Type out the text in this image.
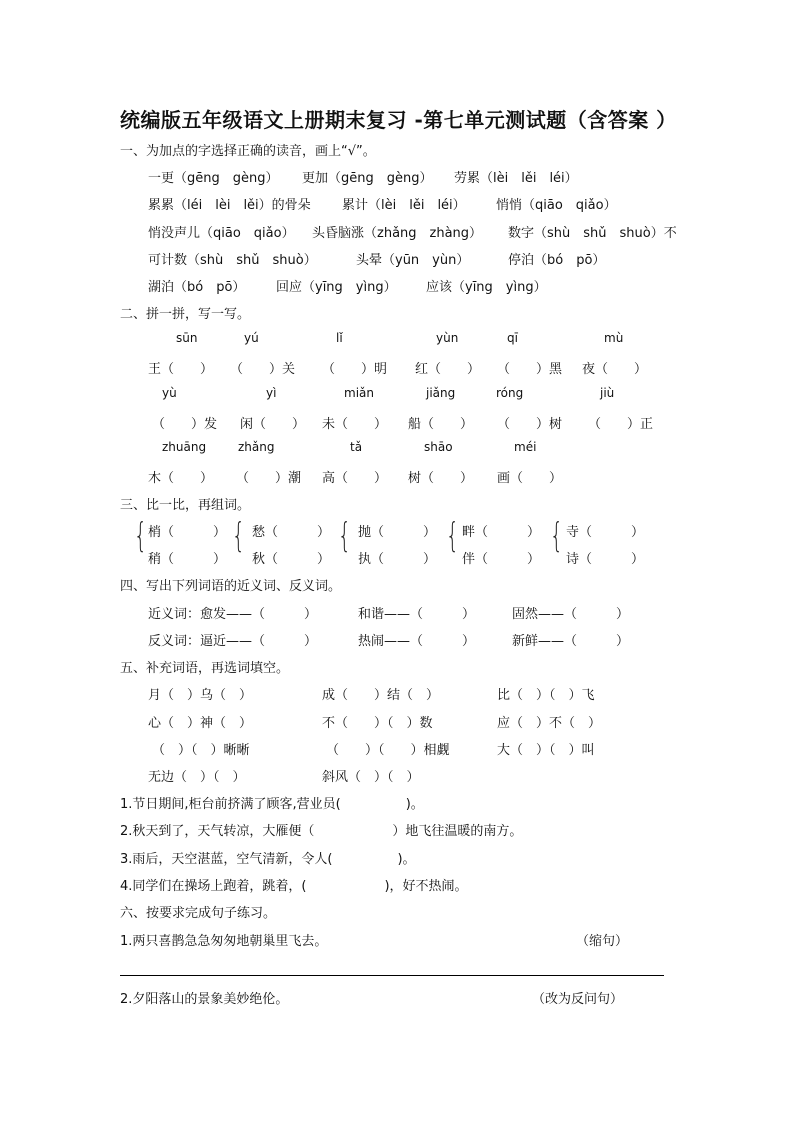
统编版五年级语文上册期末复习 -第七单元测试题（含答案 ）
一、为加点的字选择正确的读音，画上“√”。
一更（gēng　gèng） 更加（gēng　gèng） 劳累（lèi　lěi　léi）
累累（léi　lèi　lěi）的骨朵 累计（lèi　lěi　léi） 悄悄（qiāo　qiǎo）
悄没声儿（qiāo　qiǎo） 头昏脑涨（zhǎng　zhàng） 数字（shù　shǔ　shuò）不
可计数（shù　shǔ　shuò）	头晕（yūn　yùn）	停泊（bó　pō）
湖泊（bó　pō） 回应（yīng　yìng） 应该（yīng　yìng）
二、拼一拼，写一写。
sūn	yú	lǐ	yùn	qī	mù
王（　　） （　　）关 （　　）明 红（　　） （　　）黑 夜（　　）
yù	yì	miǎn	jiǎng	róng	jiù
（　　）发 闲（　　） 未（　　） 船（　　） （　　）树 （　　）正
zhuāng	zhǎng	tǎ	shāo	méi
木（　　） （　　）潮 高（　　） 树（　　） 画（　　）
三、比一比，再组词。
{ 梢（　　　）
稍（　　　）
{ 愁（　　　）
秋（　　　）
{ 抛（　　　）
执（　　　）
{ 畔（　　　）
伴（　　　）
{ 寺（　　　）
诗（　　　）
四、写出下列词语的近义词、反义词。
近义词：愈发——（　　　）	和谐——（　　　）	固然——（　　　）
反义词：逼近——（　　　）	热闹——（　　　）	新鲜——（　　　）
五、补充词语，再选词填空。
月（　）乌（　）	成（　　）结（　）	比（　）（　）飞
心（　）神（　）	不（　　）（　）数	应（　）不（　）
（　）（　）晰晰	（　　）（　　）相觑	大（　）（　）叫
无边（　）（　）	斜风（　）（　）
1.节日期间,柜台前挤满了顾客,营业员(　　　　　)。
2.秋天到了，天气转凉，大雁便（　　　　　　）地飞往温暖的南方。
3.雨后，天空湛蓝，空气清新，令人(　　　　　)。
4.同学们在操场上跑着，跳着，(　　　　　　)，好不热闹。
六、按要求完成句子练习。
1.两只喜鹊急急匆匆地朝巢里飞去。	（缩句）
2.夕阳落山的景象美妙绝伦。	（改为反问句）
